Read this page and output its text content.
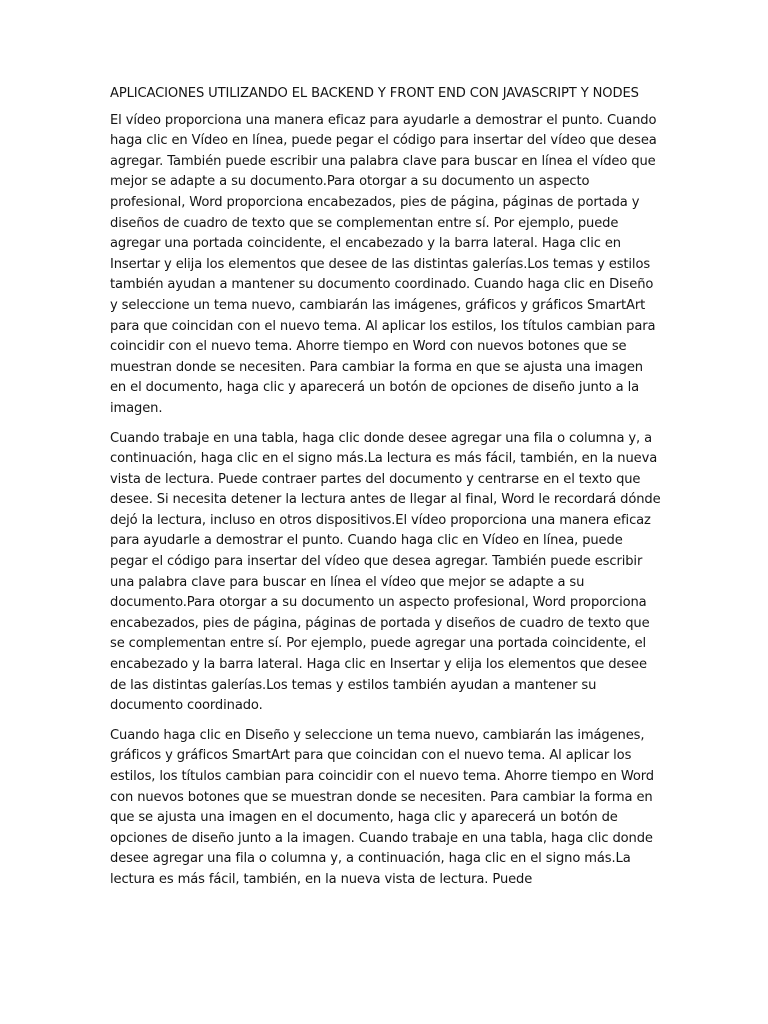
APLICACIONES UTILIZANDO EL BACKEND Y FRONT END CON JAVASCRIPT Y NODES

El vídeo proporciona una manera eficaz para ayudarle a demostrar el punto. Cuando haga clic en Vídeo en línea, puede pegar el código para insertar del vídeo que desea agregar. También puede escribir una palabra clave para buscar en línea el vídeo que mejor se adapte a su documento.Para otorgar a su documento un aspecto profesional, Word proporciona encabezados, pies de página, páginas de portada y diseños de cuadro de texto que se complementan entre sí. Por ejemplo, puede agregar una portada coincidente, el encabezado y la barra lateral. Haga clic en Insertar y elija los elementos que desee de las distintas galerías.Los temas y estilos también ayudan a mantener su documento coordinado. Cuando haga clic en Diseño y seleccione un tema nuevo, cambiarán las imágenes, gráficos y gráficos SmartArt para que coincidan con el nuevo tema. Al aplicar los estilos, los títulos cambian para coincidir con el nuevo tema. Ahorre tiempo en Word con nuevos botones que se muestran donde se necesiten. Para cambiar la forma en que se ajusta una imagen en el documento, haga clic y aparecerá un botón de opciones de diseño junto a la imagen.

Cuando trabaje en una tabla, haga clic donde desee agregar una fila o columna y, a continuación, haga clic en el signo más.La lectura es más fácil, también, en la nueva vista de lectura. Puede contraer partes del documento y centrarse en el texto que desee. Si necesita detener la lectura antes de llegar al final, Word le recordará dónde dejó la lectura, incluso en otros dispositivos.El vídeo proporciona una manera eficaz para ayudarle a demostrar el punto. Cuando haga clic en Vídeo en línea, puede pegar el código para insertar del vídeo que desea agregar. También puede escribir una palabra clave para buscar en línea el vídeo que mejor se adapte a su documento.Para otorgar a su documento un aspecto profesional, Word proporciona encabezados, pies de página, páginas de portada y diseños de cuadro de texto que se complementan entre sí. Por ejemplo, puede agregar una portada coincidente, el encabezado y la barra lateral. Haga clic en Insertar y elija los elementos que desee de las distintas galerías.Los temas y estilos también ayudan a mantener su documento coordinado.

Cuando haga clic en Diseño y seleccione un tema nuevo, cambiarán las imágenes, gráficos y gráficos SmartArt para que coincidan con el nuevo tema. Al aplicar los estilos, los títulos cambian para coincidir con el nuevo tema. Ahorre tiempo en Word con nuevos botones que se muestran donde se necesiten. Para cambiar la forma en que se ajusta una imagen en el documento, haga clic y aparecerá un botón de opciones de diseño junto a la imagen. Cuando trabaje en una tabla, haga clic donde desee agregar una fila o columna y, a continuación, haga clic en el signo más.La lectura es más fácil, también, en la nueva vista de lectura. Puede
